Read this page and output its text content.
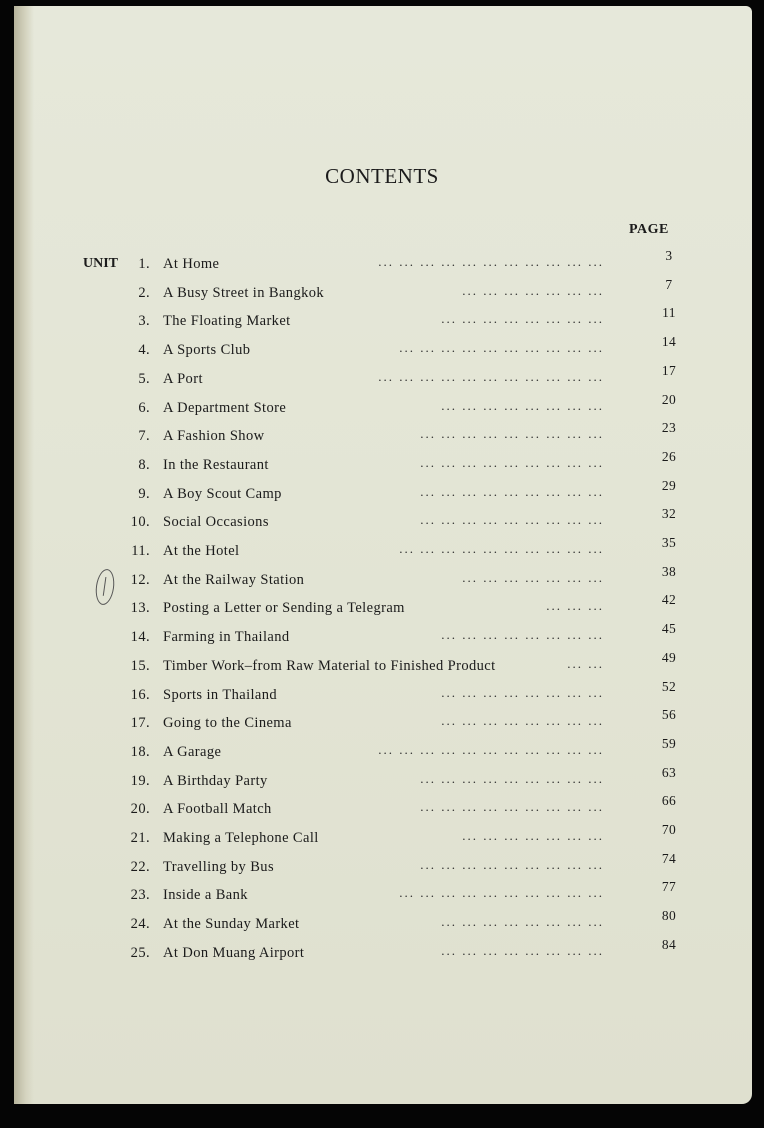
CONTENTS
PAGE
UNIT	1. At Home	... ... ... ... ... ... ... ... ... ... ...	3
2. A Busy Street in Bangkok	... ... ... ... ... ... ...	7
3. The Floating Market	... ... ... ... ... ... ... ...	11
4. A Sports Club	... ... ... ... ... ... ... ... ... ...	14
5. A Port	... ... ... ... ... ... ... ... ... ... ...	17
6. A Department Store	... ... ... ... ... ... ... ...	20
7. A Fashion Show	... ... ... ... ... ... ... ... ...	23
8. In the Restaurant	... ... ... ... ... ... ... ... ...	26
9. A Boy Scout Camp	... ... ... ... ... ... ... ... ...	29
10. Social Occasions	... ... ... ... ... ... ... ... ...	32
11. At the Hotel	... ... ... ... ... ... ... ... ... ...	35
12. At the Railway Station	... ... ... ... ... ... ...	38
13. Posting a Letter or Sending a Telegram	... ... ...	42
14. Farming in Thailand	... ... ... ... ... ... ... ...	45
15. Timber Work–from Raw Material to Finished Product	... ...	49
16. Sports in Thailand	... ... ... ... ... ... ... ...	52
17. Going to the Cinema	... ... ... ... ... ... ... ...	56
18. A Garage	... ... ... ... ... ... ... ... ... ... ...	59
19. A Birthday Party	... ... ... ... ... ... ... ... ...	63
20. A Football Match	... ... ... ... ... ... ... ... ...	66
21. Making a Telephone Call	... ... ... ... ... ... ...	70
22. Travelling by Bus	... ... ... ... ... ... ... ... ...	74
23. Inside a Bank	... ... ... ... ... ... ... ... ... ...	77
24. At the Sunday Market	... ... ... ... ... ... ... ...	80
25. At Don Muang Airport	... ... ... ... ... ... ... ...	84
